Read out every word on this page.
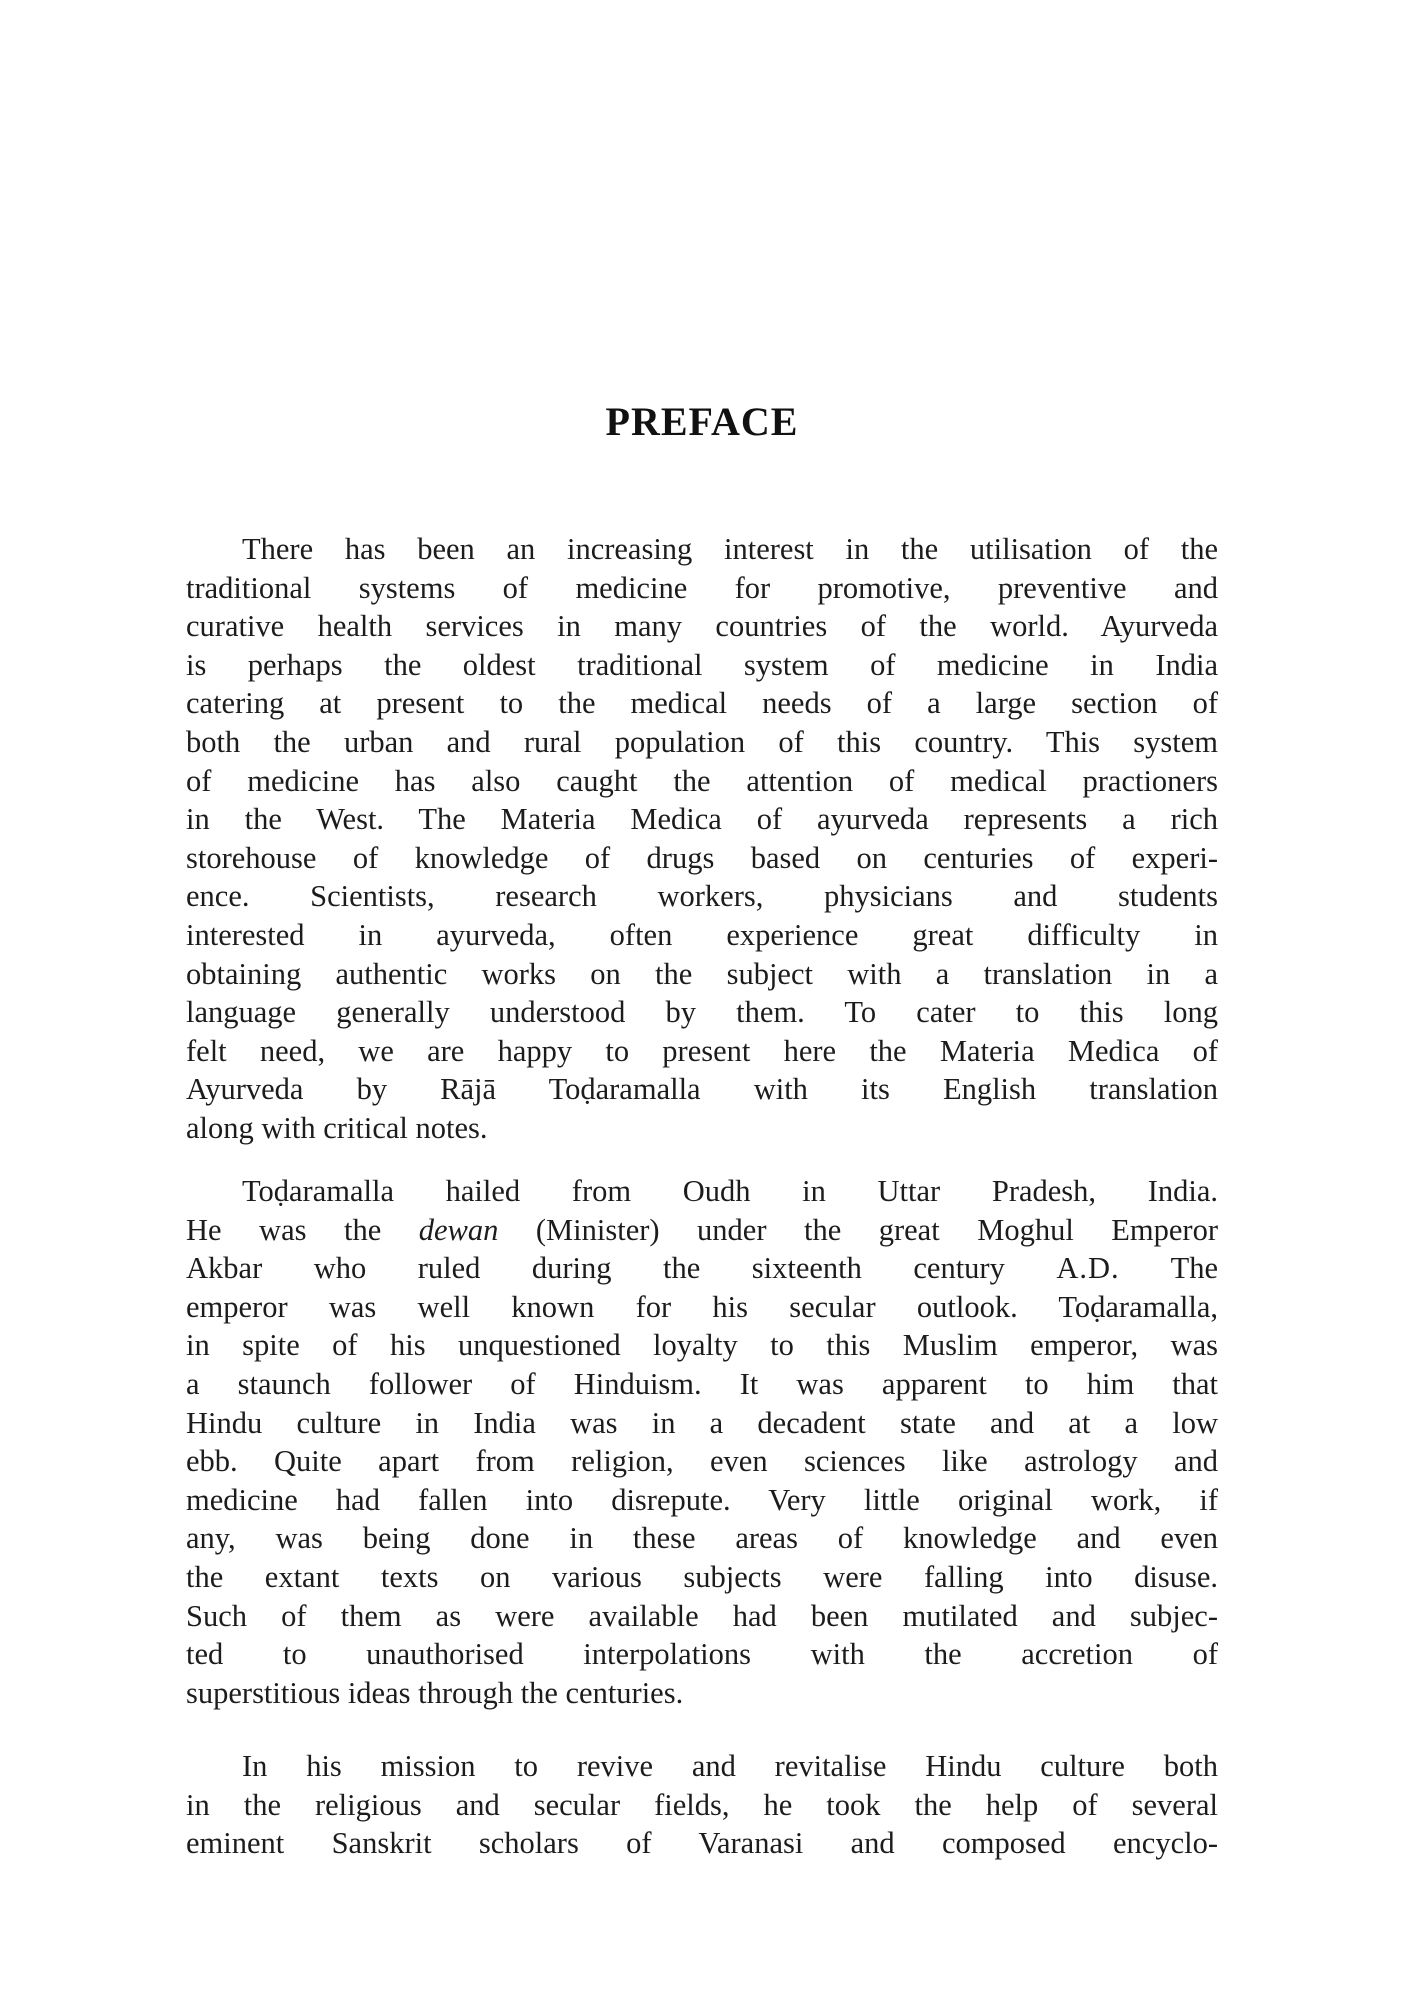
PREFACE
There has been an increasing interest in the utilisation of the
traditional systems of medicine for promotive, preventive and
curative health services in many countries of the world. Ayurveda
is perhaps the oldest traditional system of medicine in India
catering at present to the medical needs of a large section of
both the urban and rural population of this country. This system
of medicine has also caught the attention of medical practioners
in the West. The Materia Medica of ayurveda represents a rich
storehouse of knowledge of drugs based on centuries of experi-
ence. Scientists, research workers, physicians and students
interested in ayurveda, often experience great difficulty in
obtaining authentic works on the subject with a translation in a
language generally understood by them. To cater to this long
felt need, we are happy to present here the Materia Medica of
Ayurveda by Rājā Toḍaramalla with its English translation
along with critical notes.
Toḍaramalla hailed from Oudh in Uttar Pradesh, India.
He was the dewan (Minister) under the great Moghul Emperor
Akbar who ruled during the sixteenth century A.D. The
emperor was well known for his secular outlook. Toḍaramalla,
in spite of his unquestioned loyalty to this Muslim emperor, was
a staunch follower of Hinduism. It was apparent to him that
Hindu culture in India was in a decadent state and at a low
ebb. Quite apart from religion, even sciences like astrology and
medicine had fallen into disrepute. Very little original work, if
any, was being done in these areas of knowledge and even
the extant texts on various subjects were falling into disuse.
Such of them as were available had been mutilated and subjec-
ted to unauthorised interpolations with the accretion of
superstitious ideas through the centuries.
In his mission to revive and revitalise Hindu culture both
in the religious and secular fields, he took the help of several
eminent Sanskrit scholars of Varanasi and composed encyclo-
